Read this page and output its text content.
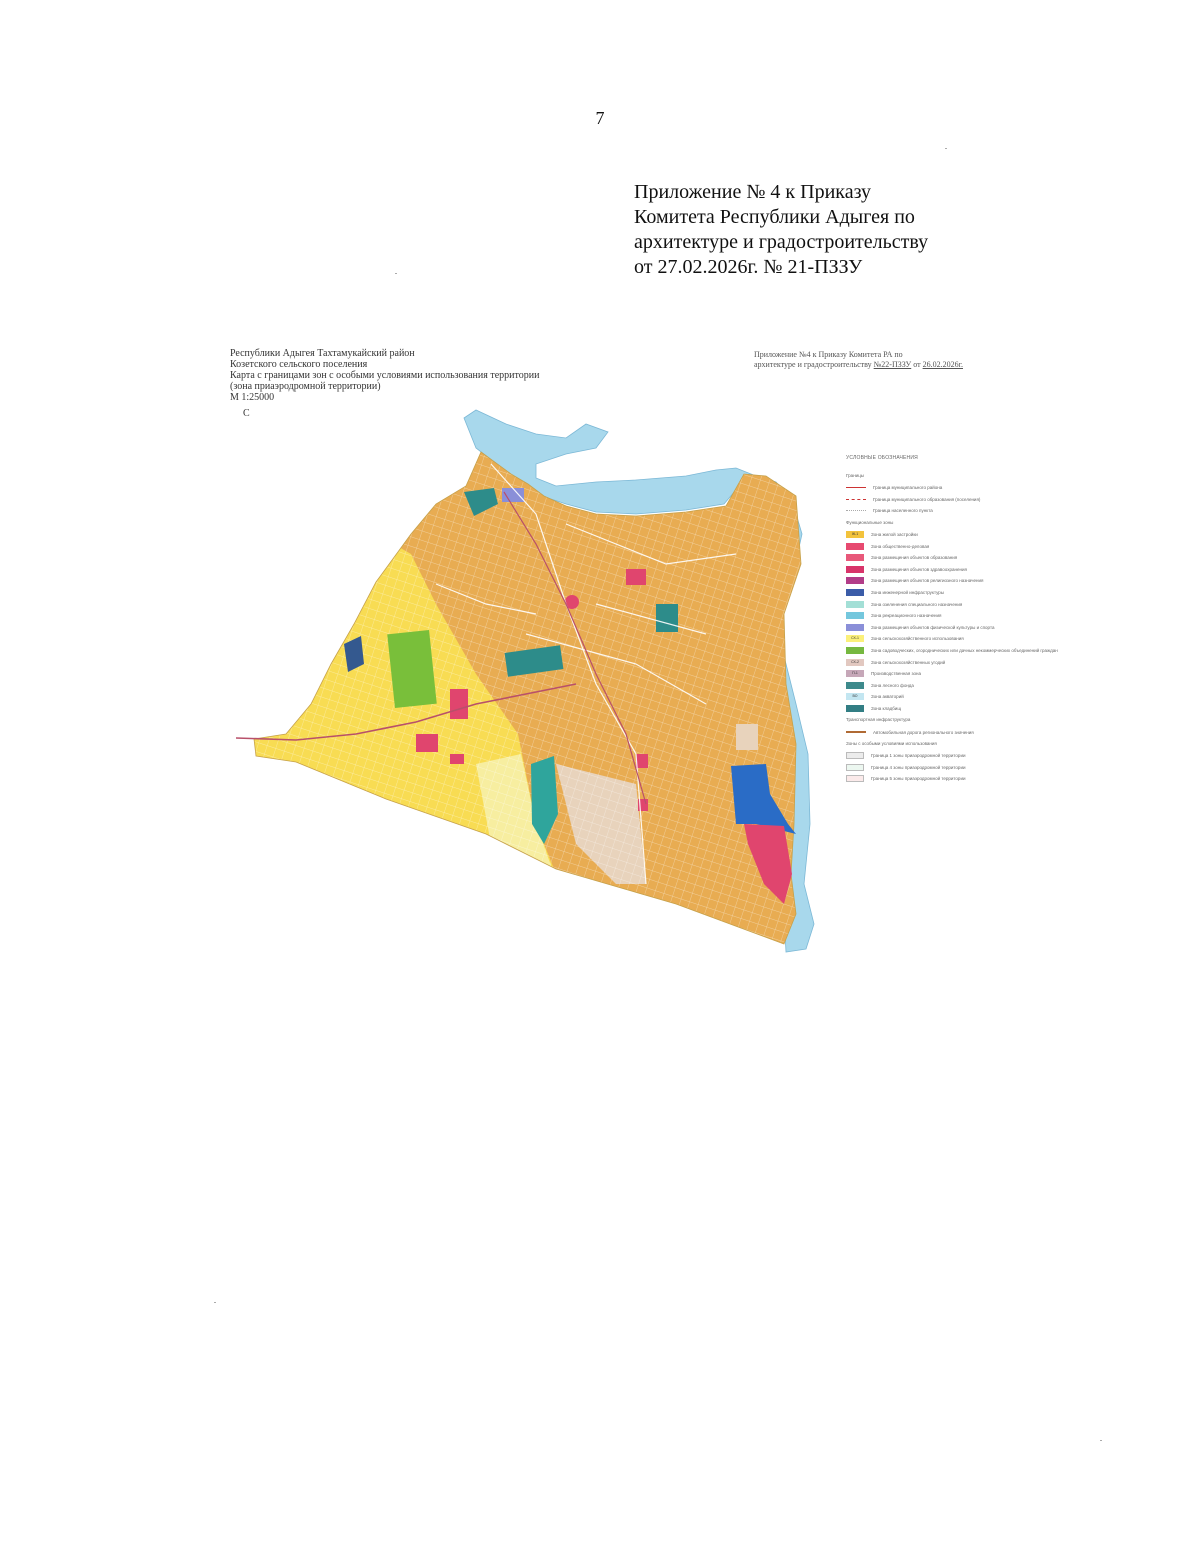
7
Приложение № 4 к Приказу
Комитета Республики Адыгея по
архитектуре и градостроительству
от 27.02.2026г. № 21-ПЗЗУ
Республики Адыгея Тахтамукайский район
Козетского сельского поселения
Карта с границами зон с особыми условиями использования территории
(зона приаэродромной территории)
М 1:25000
С
Приложение №4 к Приказу Комитета РА по
архитектуре и градостроительству №22-ПЗЗУ от 26.02.2026г.
УСЛОВНЫЕ ОБОЗНАЧЕНИЯ
Границы
Граница муниципального района
Граница муниципального образования (поселения)
Граница населенного пункта
Функциональные зоны
Ж-1	Зона жилой застройки
Зона общественно-деловая
Зона размещения объектов образования
Зона размещения объектов здравоохранения
Зона размещения объектов религиозного назначения
Зона инженерной инфраструктуры
Зона озеленения специального назначения
Зона рекреационного назначения
Зона размещения объектов физической культуры и спорта
СХ-1	Зона сельскохозяйственного использования
Зона садоводческих, огороднических или дачных некоммерческих объединений граждан
СХ-2	Зона сельскохозяйственных угодий
П-1	Производственная зона
Зона лесного фонда
ВО	Зона акваторий
Зона кладбищ
Транспортная инфраструктура
Автомобильная дорога регионального значения
Зоны с особыми условиями использования
Граница 1 зоны приаэродромной территории
Граница 4 зоны приаэродромной территории
Граница 5 зоны приаэродромной территории
